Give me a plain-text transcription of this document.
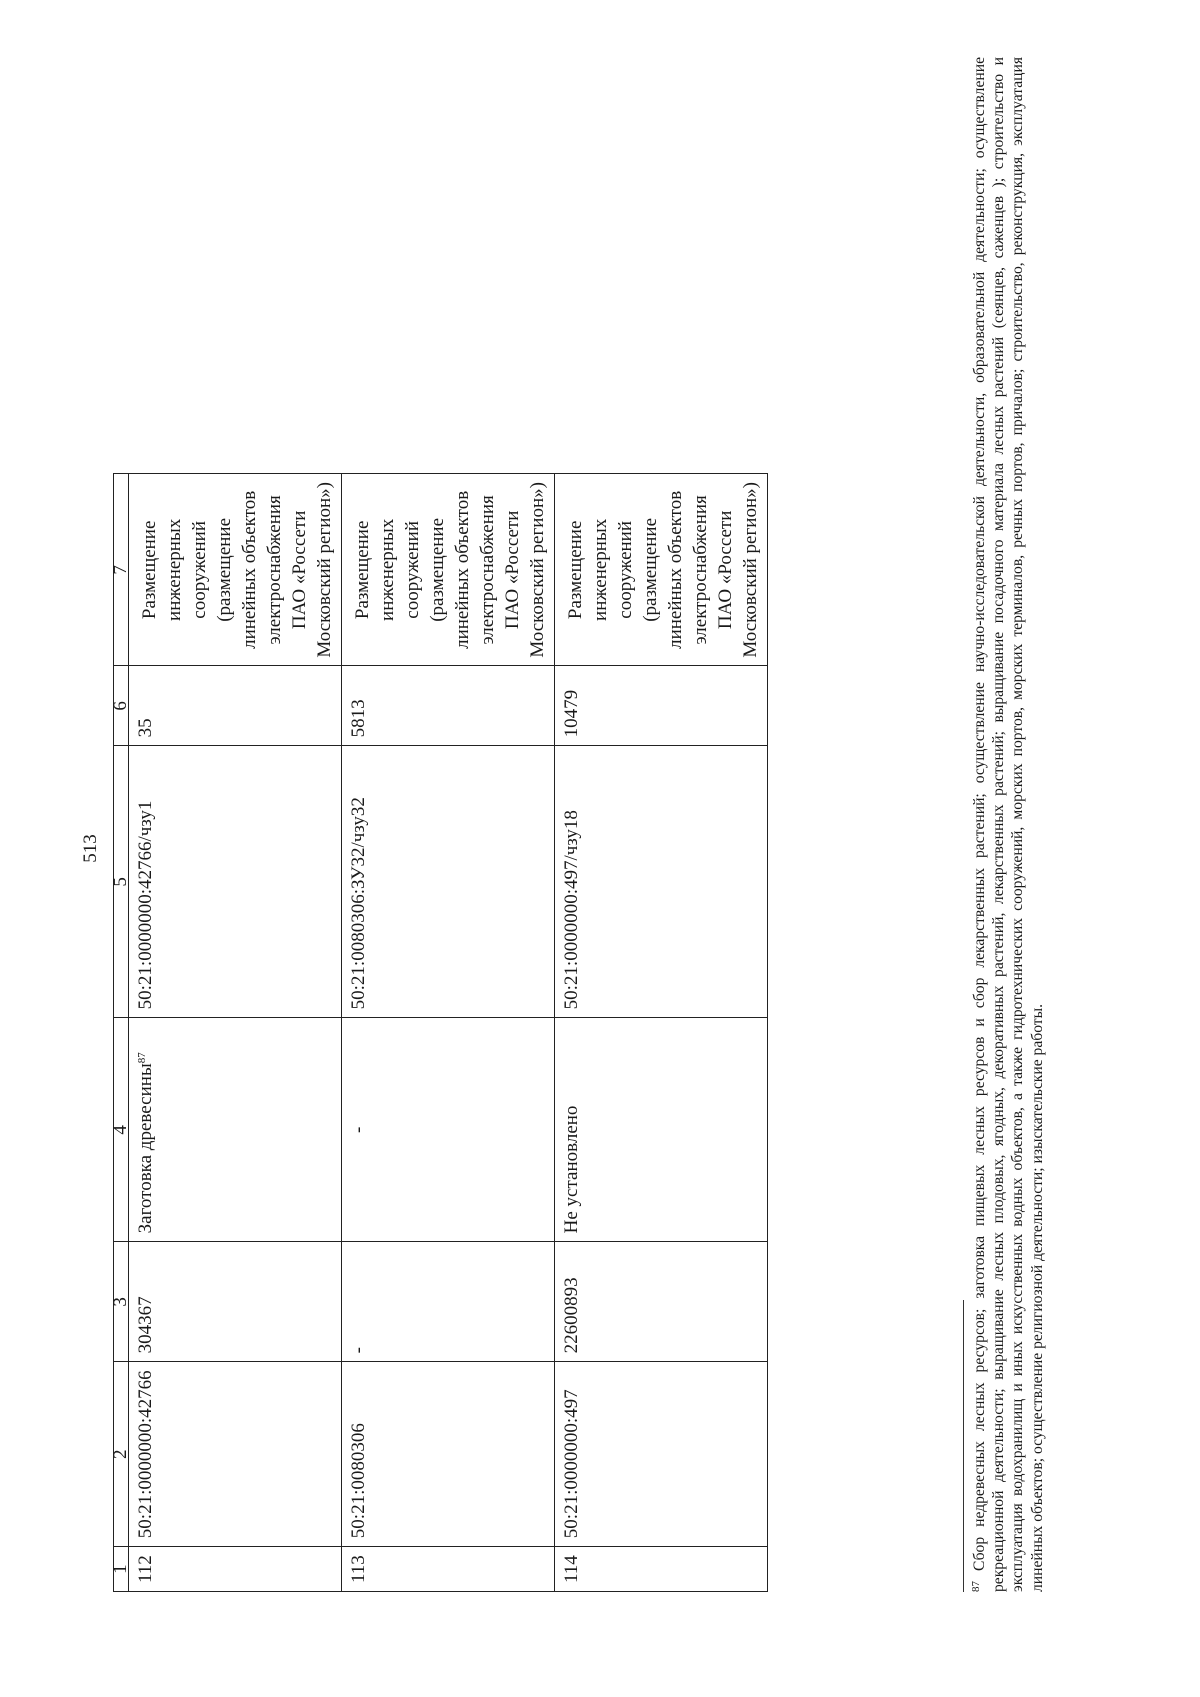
513
1	2	3	4	5	6	7
112	50:21:0000000:42766	304367	Заготовка древесины$^{87}$	50:21:0000000:42766/чзу1	35	Размещение инженерных сооружений (размещение линейных объектов электроснабжения ПАО «Россети Московский регион»)
113	50:21:0080306	-	-	50:21:0080306:ЗУ32/чзу32	5813	Размещение инженерных сооружений (размещение линейных объектов электроснабжения ПАО «Россети Московский регион»)
114	50:21:0000000:497	22600893	Не установлено	50:21:0000000:497/чзу18	10479	Размещение инженерных сооружений (размещение линейных объектов электроснабжения ПАО «Россети Московский регион»)
$^{87}$Сбор недревесных лесных ресурсов; заготовка пищевых лесных ресурсов и сбор лекарственных растений; осуществление научно-исследовательской деятельности, образовательной деятельности; осуществление рекреационной деятельности; выращивание лесных плодовых, ягодных, декоративных растений, лекарственных растений; выращивание посадочного материала лесных растений (сеянцев, саженцев ); строительство и эксплуатация водохранилищ и иных искусственных водных объектов, а также гидротехнических сооружений, морских портов, морских терминалов, речных портов, причалов; строительство, реконструкция, эксплуатация линейных объектов; осуществление религиозной деятельности; изыскательские работы.
